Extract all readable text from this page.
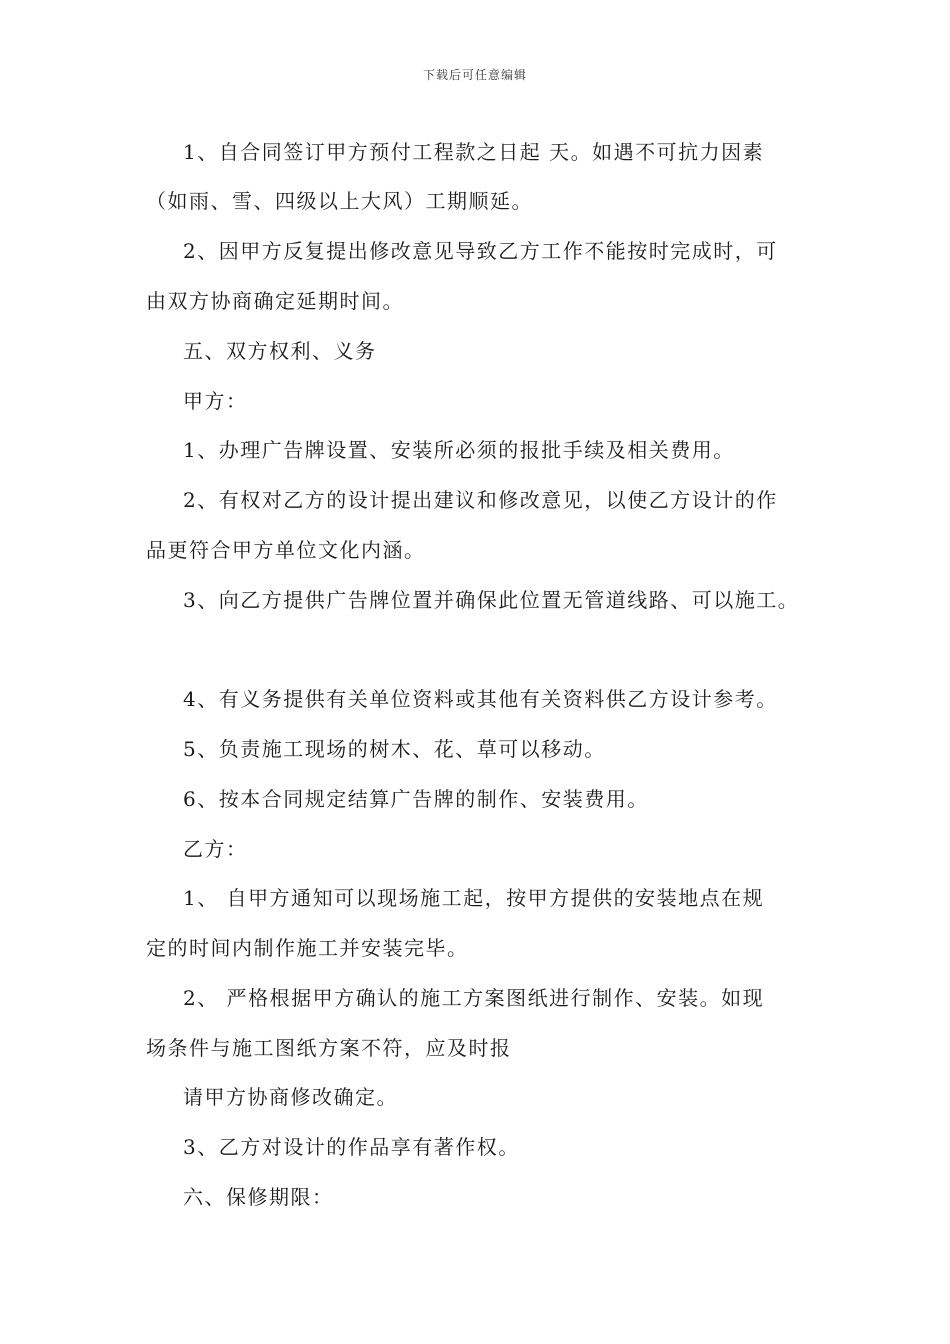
下载后可任意编辑
1、自合同签订甲方预付工程款之日起 天。如遇不可抗力因素
（如雨、雪、四级以上大风）工期顺延。
2、因甲方反复提出修改意见导致乙方工作不能按时完成时，可
由双方协商确定延期时间。
五、双方权利、义务
甲方：
1、办理广告牌设置、安装所必须的报批手续及相关费用。
2、有权对乙方的设计提出建议和修改意见，以使乙方设计的作
品更符合甲方单位文化内涵。
3、向乙方提供广告牌位置并确保此位置无管道线路、可以施工。
4、有义务提供有关单位资料或其他有关资料供乙方设计参考。
5、负责施工现场的树木、花、草可以移动。
6、按本合同规定结算广告牌的制作、安装费用。
乙方：
1、 自甲方通知可以现场施工起，按甲方提供的安装地点在规
定的时间内制作施工并安装完毕。
2、 严格根据甲方确认的施工方案图纸进行制作、安装。如现
场条件与施工图纸方案不符，应及时报
请甲方协商修改确定。
3、乙方对设计的作品享有著作权。
六、保修期限：
